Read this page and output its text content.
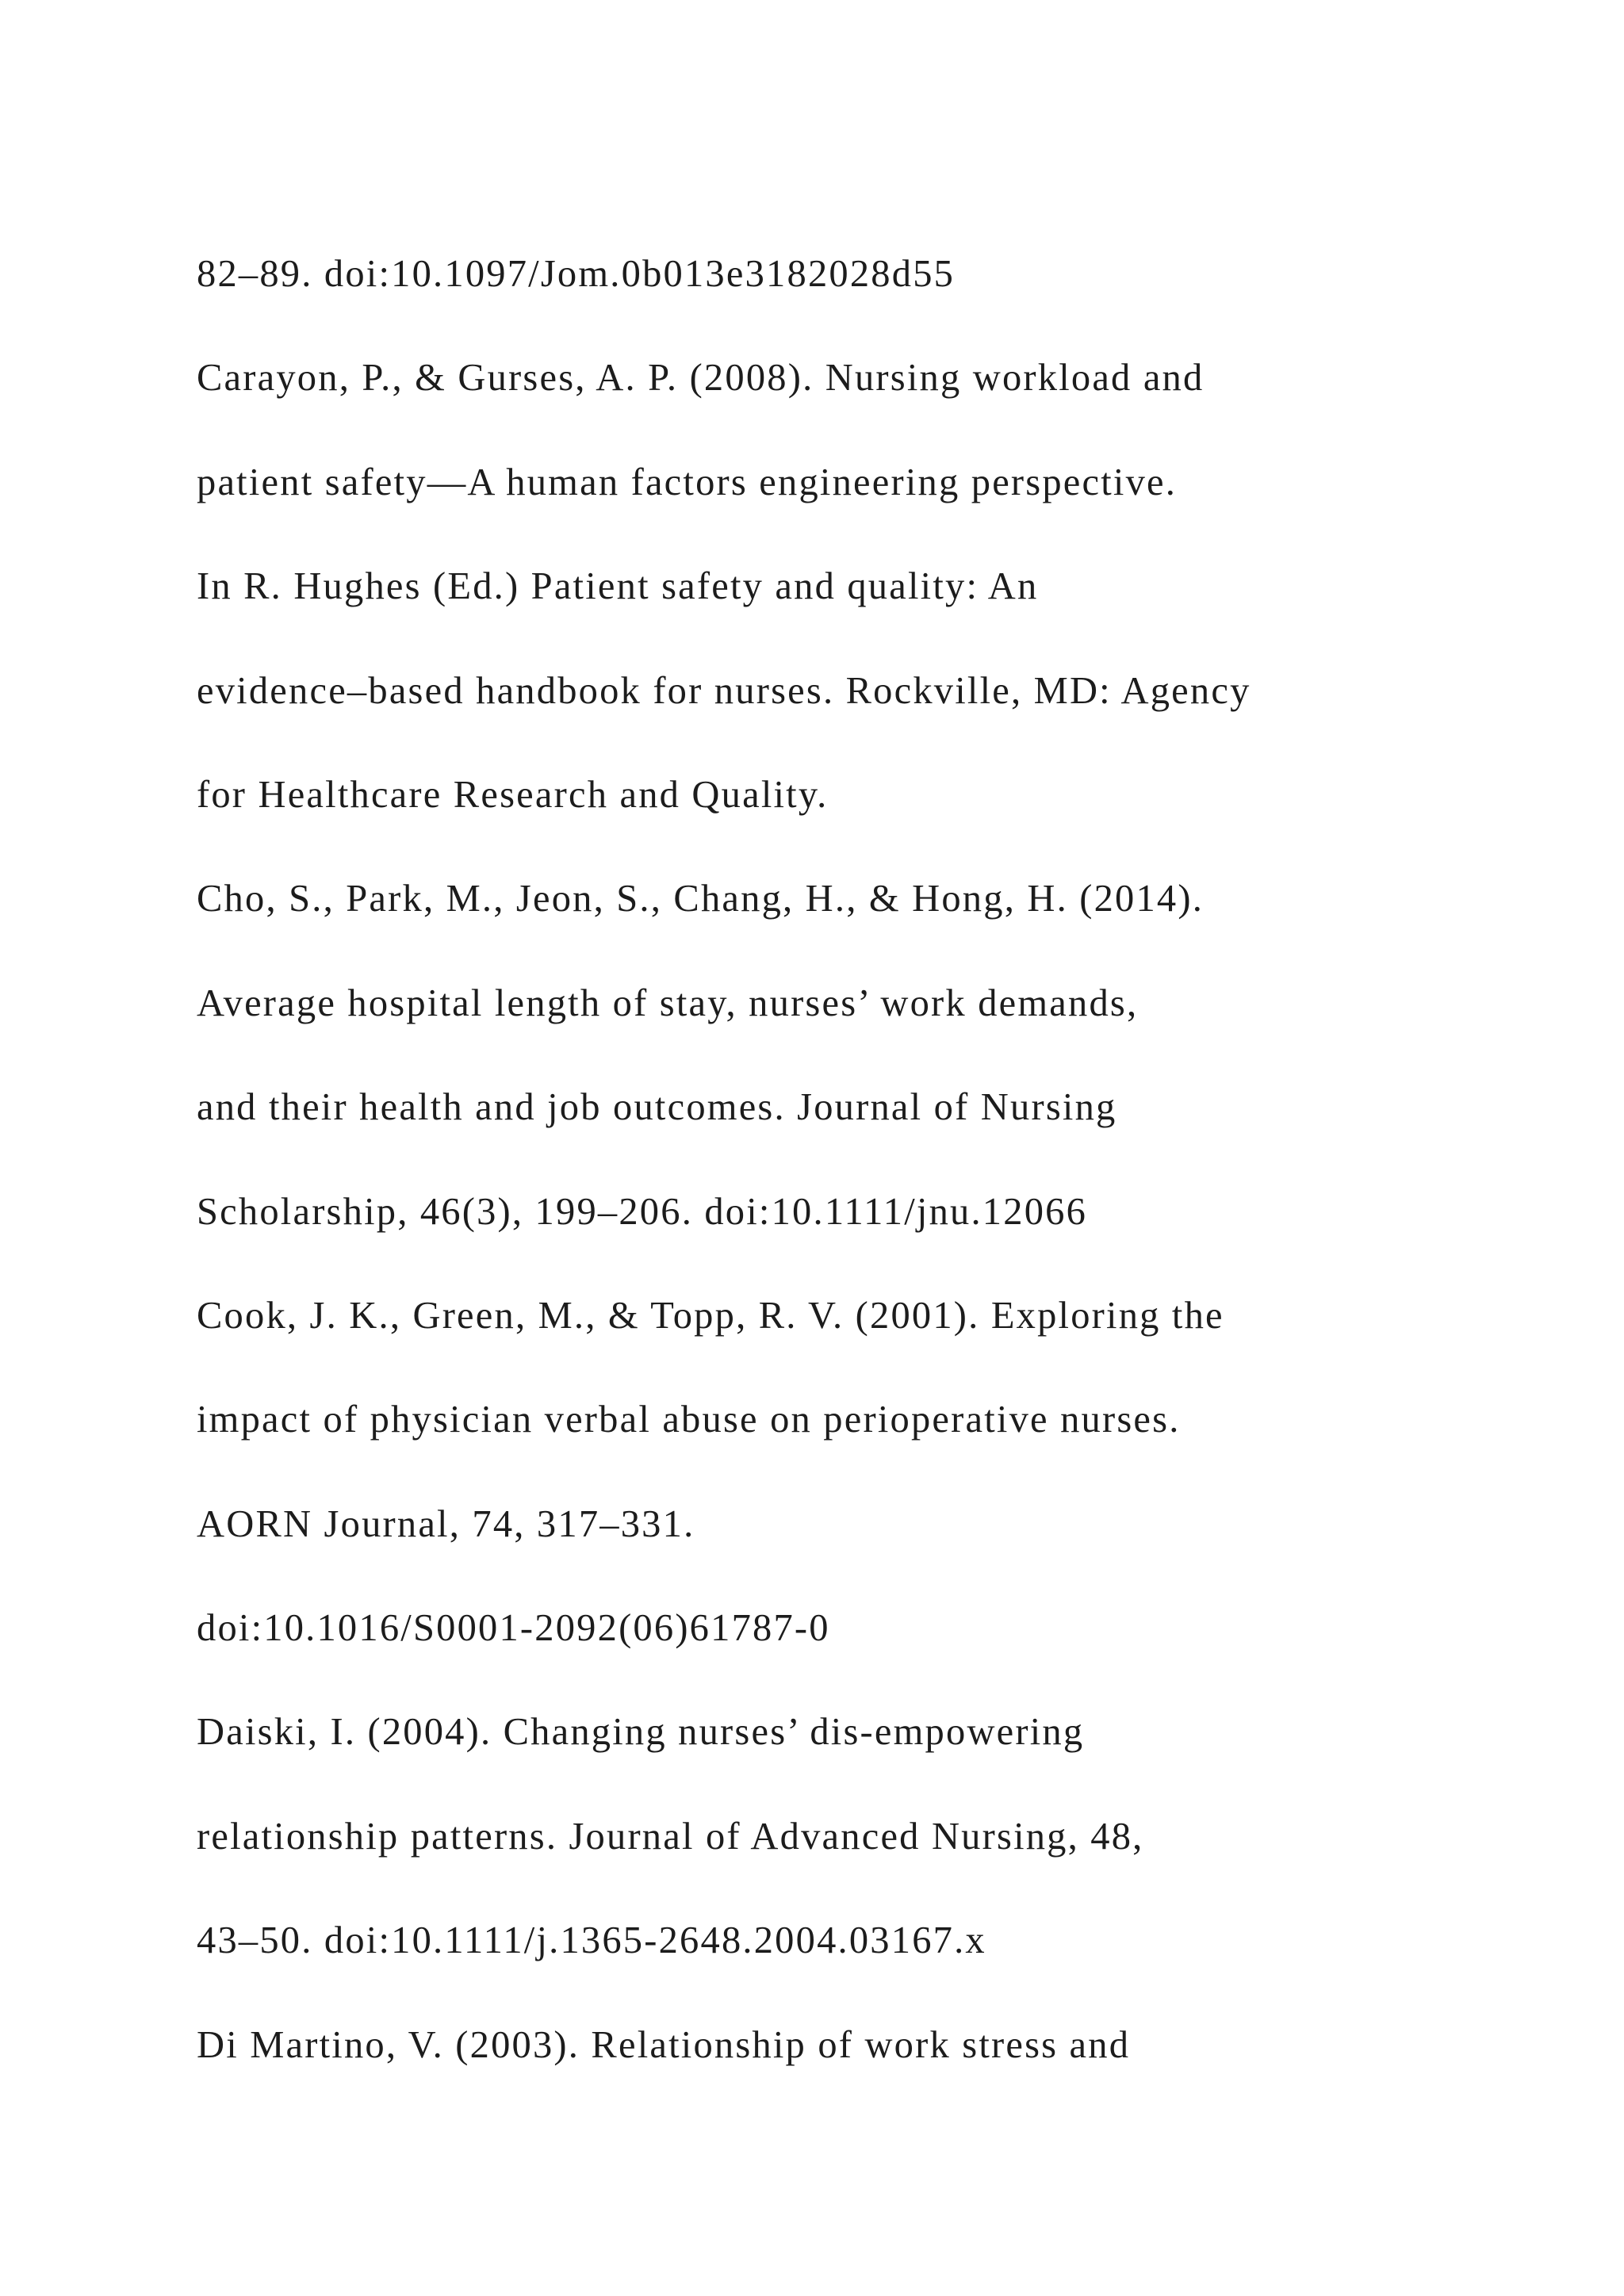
82–89. doi:10.1097/Jom.0b013e3182028d55
Carayon, P., & Gurses, A. P. (2008). Nursing workload and
patient safety—A human factors engineering perspective.
In R. Hughes (Ed.) Patient safety and quality: An
evidence–based handbook for nurses. Rockville, MD: Agency
for Healthcare Research and Quality.
Cho, S., Park, M., Jeon, S., Chang, H., & Hong, H. (2014).
Average hospital length of stay, nurses’ work demands,
and their health and job outcomes. Journal of Nursing
Scholarship, 46(3), 199–206. doi:10.1111/jnu.12066
Cook, J. K., Green, M., & Topp, R. V. (2001). Exploring the
impact of physician verbal abuse on perioperative nurses.
AORN Journal, 74, 317–331.
doi:10.1016/S0001-2092(06)61787-0
Daiski, I. (2004). Changing nurses’ dis-empowering
relationship patterns. Journal of Advanced Nursing, 48,
43–50. doi:10.1111/j.1365-2648.2004.03167.x
Di Martino, V. (2003). Relationship of work stress and
